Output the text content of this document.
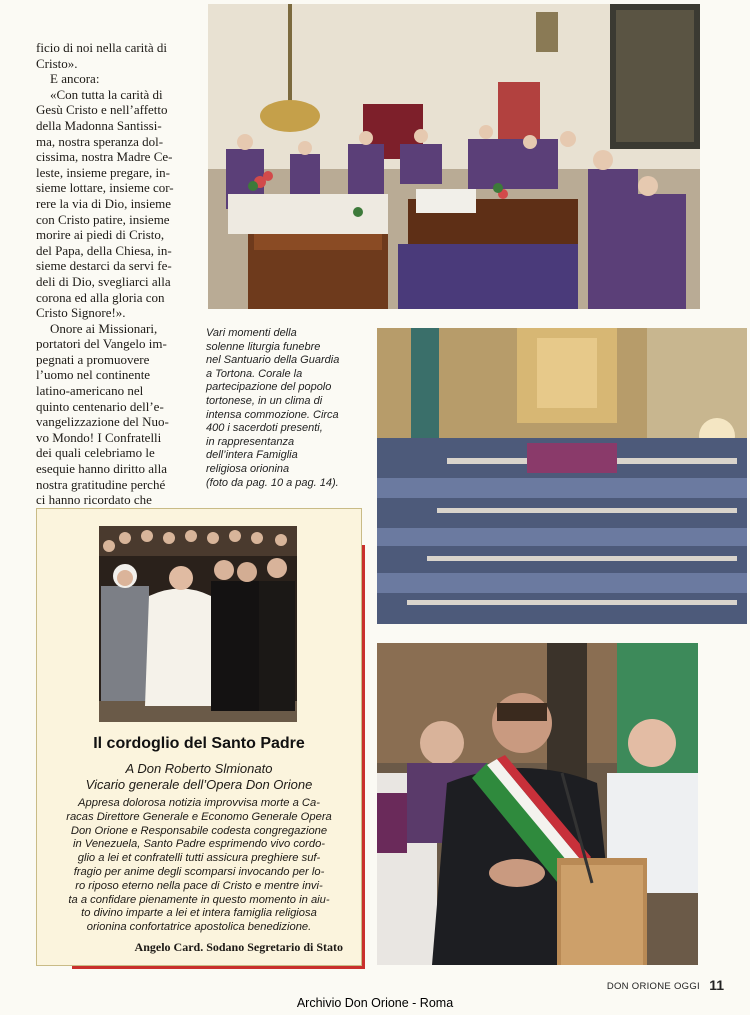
ficio di noi nella carità di

Cristo».

E ancora:

«Con tutta la carità di

Gesù Cristo e nell’affetto

della Madonna Santissi-

ma, nostra speranza dol-

cissima, nostra Madre Ce-

leste, insieme pregare, in-

sieme lottare, insieme cor-

rere la via di Dio, insieme

con Cristo patire, insieme

morire ai piedi di Cristo,

del Papa, della Chiesa, in-

sieme destarci da servi fe-

deli di Dio, svegliarci alla

corona ed alla gloria con

Cristo Signore!».

Onore ai Missionari,

portatori del Vangelo im-

pegnati a promuovere

l’uomo nel continente

latino-americano nel

quinto centenario dell’e-

vangelizzazione del Nuo-

vo Mondo! I Confratelli

dei quali celebriamo le

esequie hanno diritto alla

nostra gratitudine perché

ci hanno ricordato che

Vari momenti della
solenne liturgia funebre
nel Santuario della Guardia
a Tortona. Corale la
partecipazione del popolo
tortonese, in un clima di
intensa commozione. Circa
400 i sacerdoti presenti,
in rappresentanza
dell’intera Famiglia
religiosa orionina
(foto da pag. 10 a pag. 14).
Il cordoglio del Santo Padre
A Don Roberto Slmionato
Vicario generale dell’Opera Don Orione
Appresa dolorosa notizia improvvisa morte a Ca-
racas Direttore Generale e Economo Generale Opera
Don Orione e Responsabile codesta congregazione
in Venezuela, Santo Padre esprimendo vivo cordo-
glio a lei et confratelli tutti assicura preghiere suf-
fragio per anime degli scomparsi invocando per lo-
ro riposo eterno nella pace di Cristo e mentre invi-
ta a confidare pienamente in questo momento in aiu-
to divino imparte a lei et intera famiglia religiosa
orionina confortatrice apostolica benedizione.
Angelo Card. Sodano Segretario di Stato
DON ORIONE OGGI 11
Archivio Don Orione - Roma
